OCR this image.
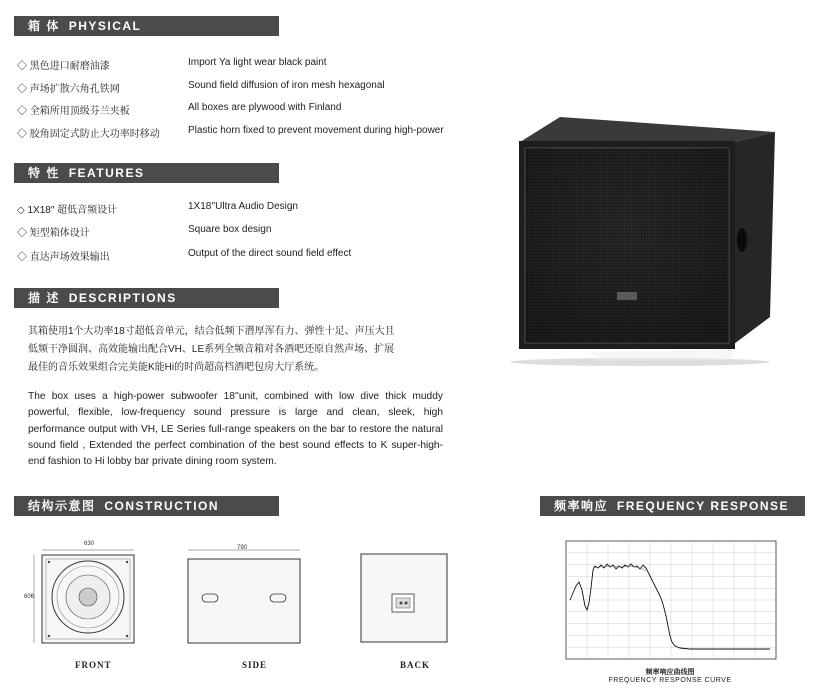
箱 体 PHYSICAL
◇ 黑色进口耐磨油漆	Import Ya light wear black paint
◇ 声场扩散六角孔铁网	Sound field diffusion of iron mesh hexagonal
◇ 全箱所用顶级芬兰夹板	All boxes are plywood with Finland
◇ 胶角固定式防止大功率时移动	Plastic horn fixed to prevent movement during high-power
特 性 FEATURES
◇ 1X18″ 超低音频设计	1X18''Ultra Audio Design
◇ 矩型箱体设计	Square box design
◇ 直达声场效果输出	Output of the direct sound field effect
描 述 DESCRIPTIONS
其箱使用1个大功率18寸超低音单元，结合低频下潜厚浑有力、弹性十足、声压大且
低频干净圆润、高效能输出配合VH、LE系列全频音箱对各酒吧还原自然声场、扩展
最佳的音乐效果组合完美能K能Hi的时尚超高档酒吧包房大厅系统。
The box uses a high-power subwoofer 18''unit, combined with low dive thick muddy powerful, flexible, low-frequency sound pressure is large and clean, sleek, high performance output with VH, LE Series full-range speakers on the bar to restore the natural sound field , Extended the perfect combination of the best sound effects to K super-high-end fashion to Hi lobby bar private dining room system.
结构示意图 CONSTRUCTION DRAWING
频率响应 FREQUENCY RESPONSE
630
606
790
FRONT	SIDE	BACK
频率响应曲线图
FREQUENCY RESPONSE CURVE
